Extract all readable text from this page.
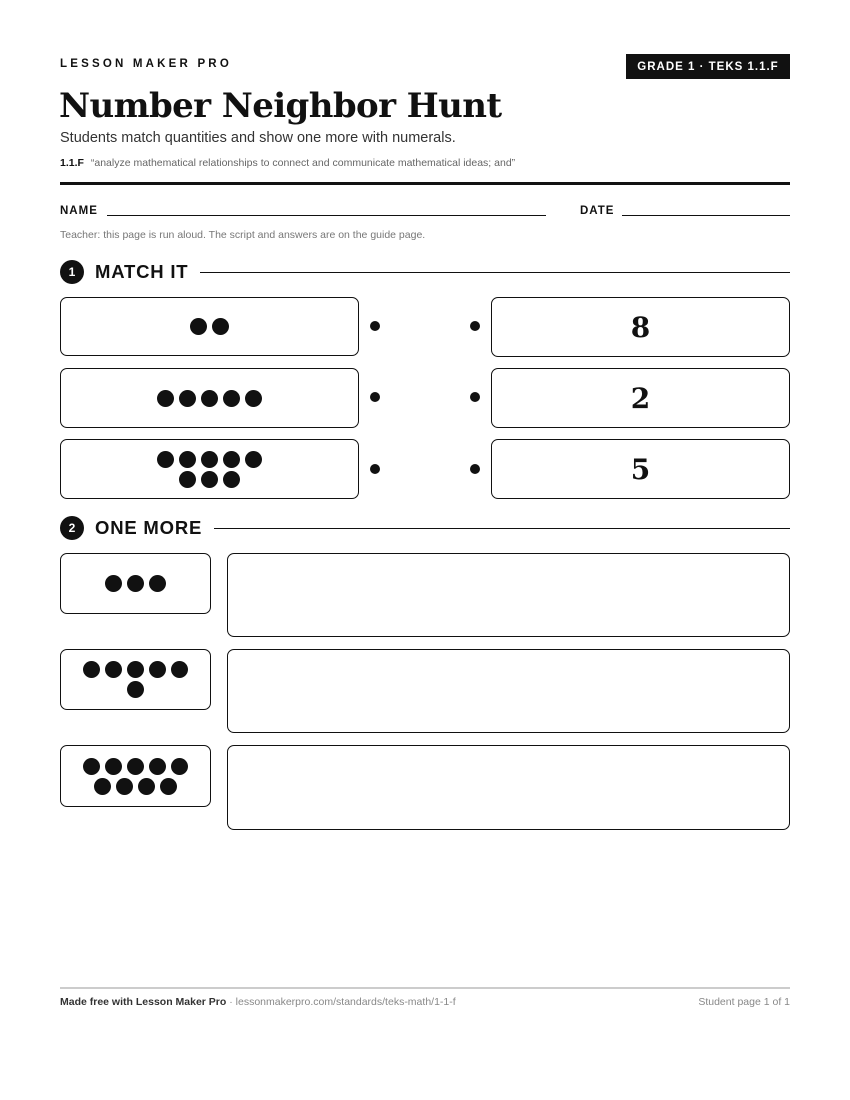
LESSON MAKER PRO	GRADE 1 · TEKS 1.1.F
Number Neighbor Hunt
Students match quantities and show one more with numerals.
1.1.F “analyze mathematical relationships to connect and communicate mathematical ideas; and”
NAME	DATE
Teacher: this page is run aloud. The script and answers are on the guide page.
1	MATCH IT
8
2
5
2	ONE MORE
Made free with Lesson Maker Pro · lessonmakerpro.com/standards/teks-math/1-1-f	Student page 1 of 1
